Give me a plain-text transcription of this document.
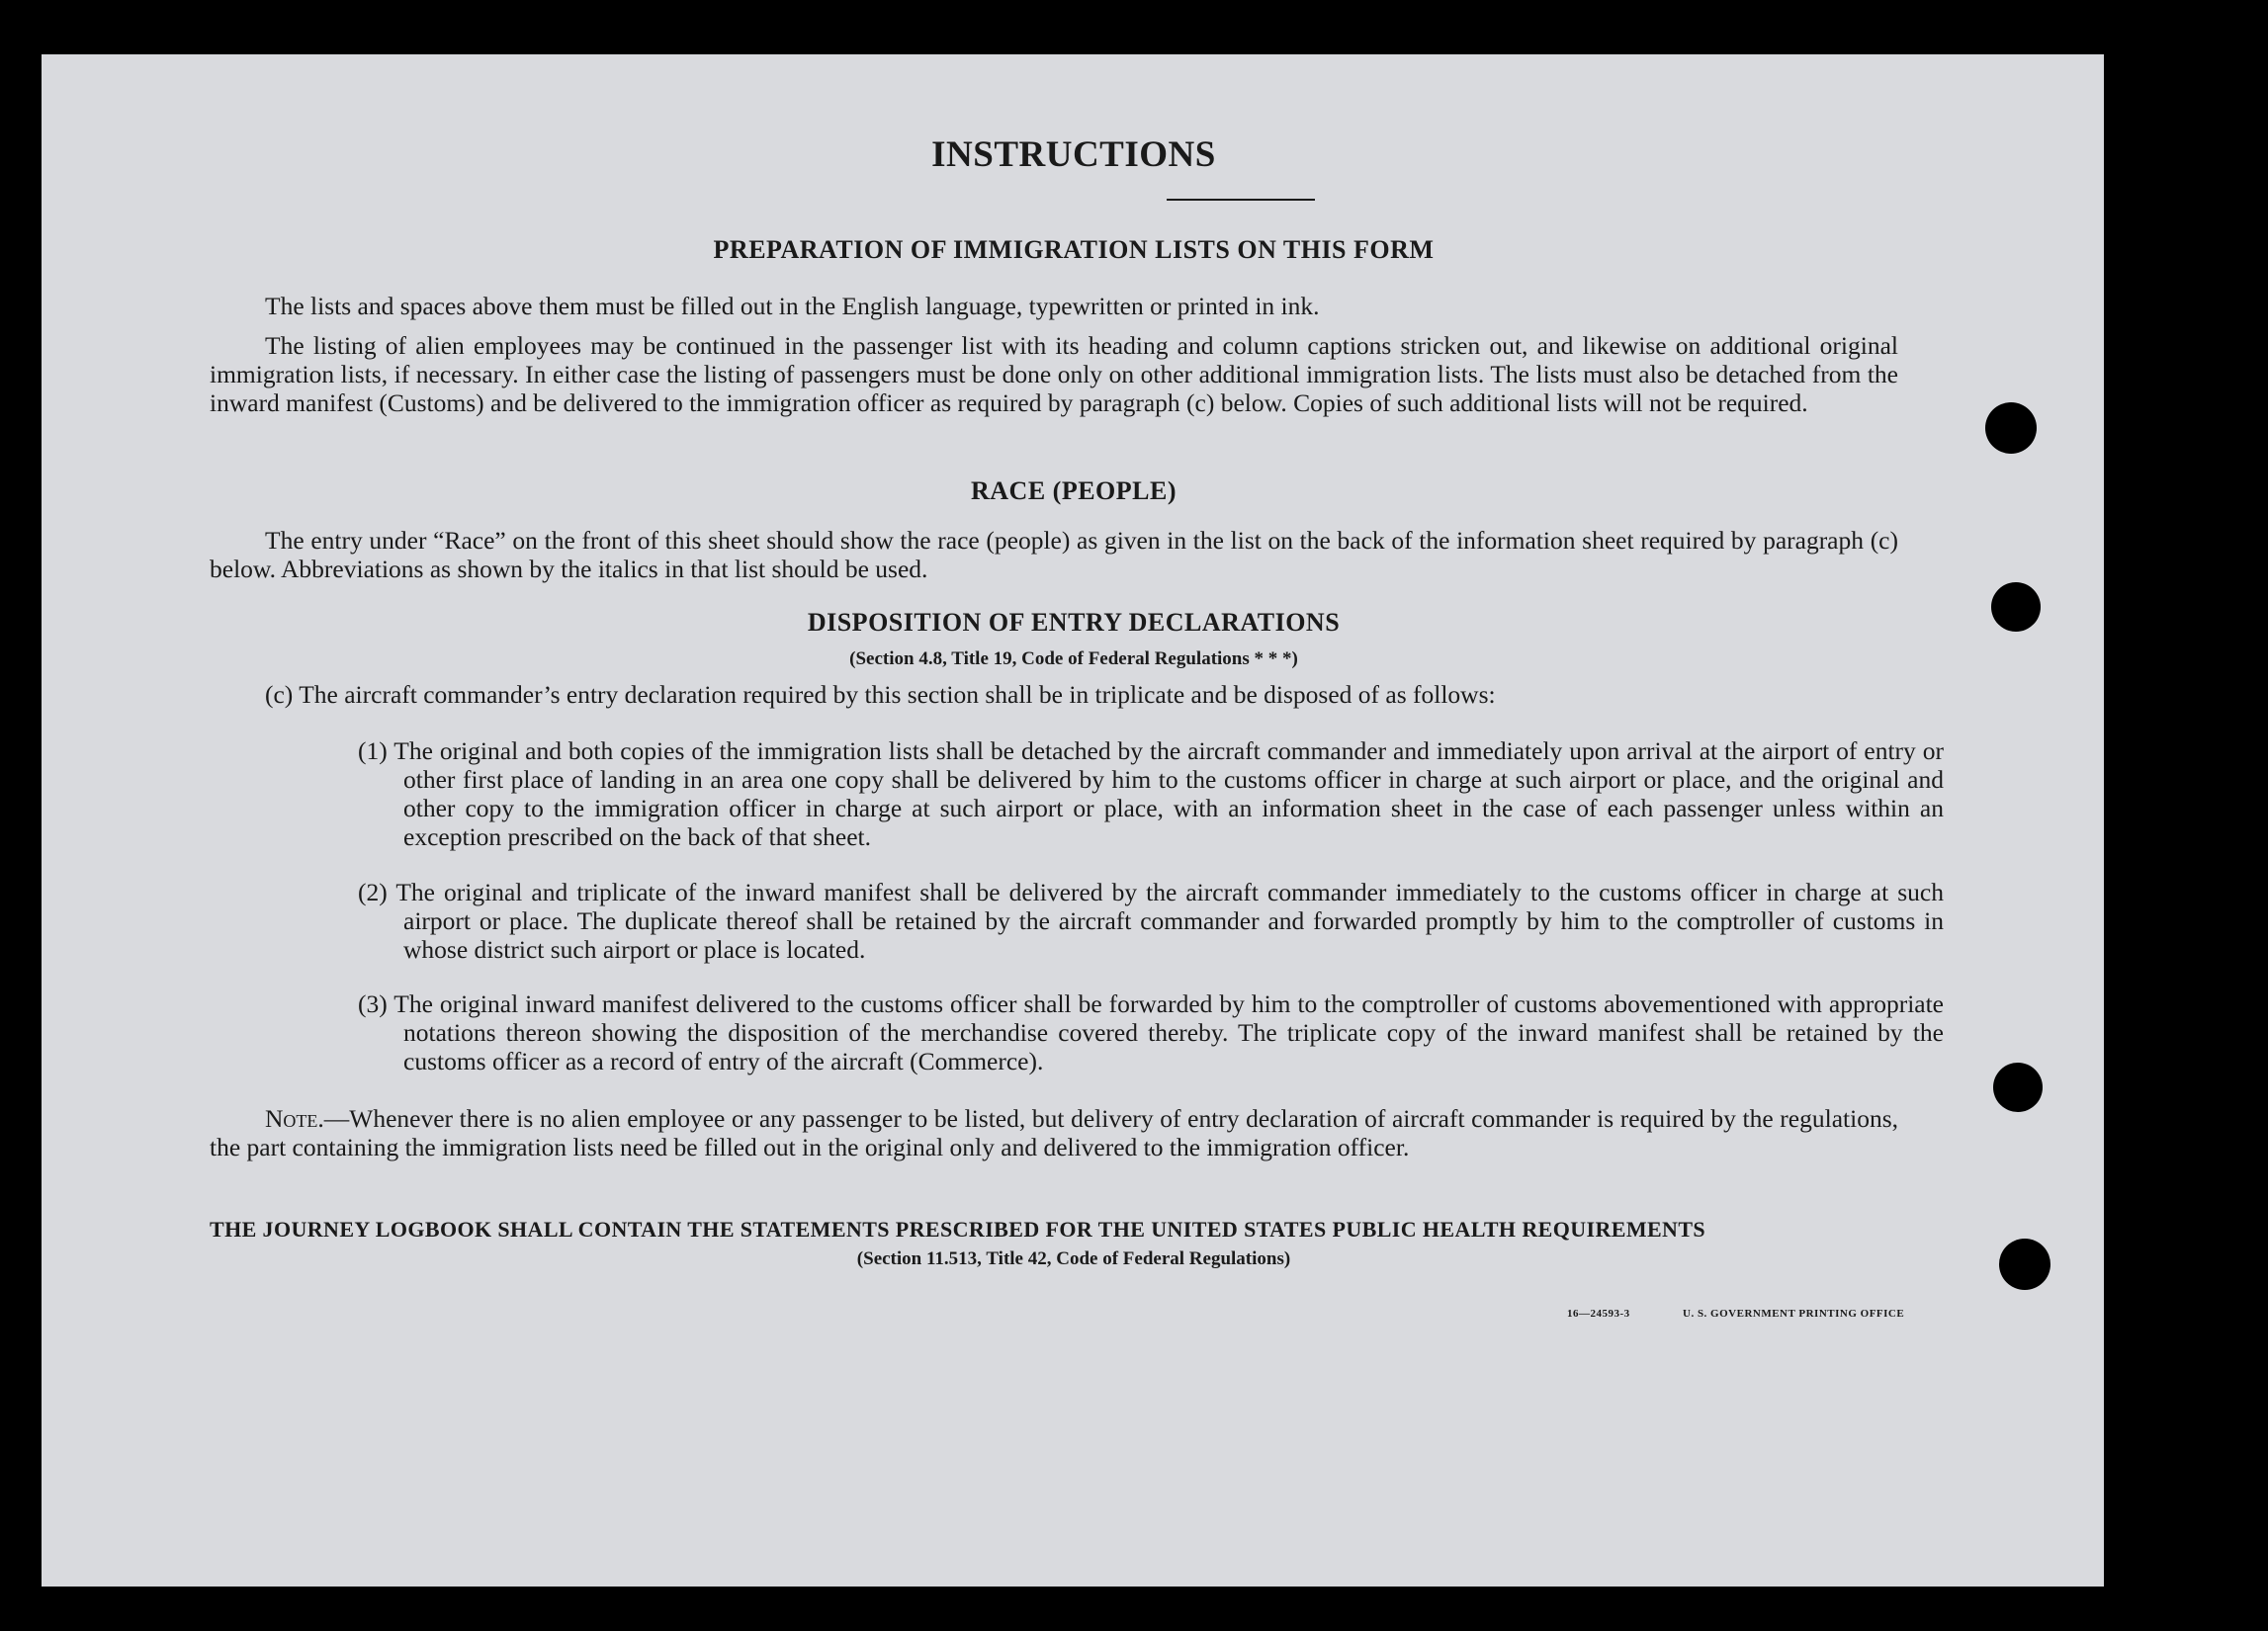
INSTRUCTIONS
PREPARATION OF IMMIGRATION LISTS ON THIS FORM
The lists and spaces above them must be filled out in the English language, typewritten or printed in ink.
The listing of alien employees may be continued in the passenger list with its heading and column captions stricken out, and likewise on additional original immigration lists, if necessary. In either case the listing of passengers must be done only on other additional immigration lists. The lists must also be detached from the inward manifest (Customs) and be delivered to the immigration officer as required by paragraph (c) below. Copies of such additional lists will not be required.
RACE (PEOPLE)
The entry under “Race” on the front of this sheet should show the race (people) as given in the list on the back of the information sheet required by paragraph (c) below. Abbreviations as shown by the italics in that list should be used.
DISPOSITION OF ENTRY DECLARATIONS
(Section 4.8, Title 19, Code of Federal Regulations * * *)
(c) The aircraft commander’s entry declaration required by this section shall be in triplicate and be disposed of as follows:
(1) The original and both copies of the immigration lists shall be detached by the aircraft commander and immediately upon arrival at the airport of entry or other first place of landing in an area one copy shall be delivered by him to the customs officer in charge at such airport or place, and the original and other copy to the immigration officer in charge at such airport or place, with an information sheet in the case of each passenger unless within an exception prescribed on the back of that sheet.
(2) The original and triplicate of the inward manifest shall be delivered by the aircraft commander immediately to the customs officer in charge at such airport or place. The duplicate thereof shall be retained by the aircraft commander and forwarded promptly by him to the comptroller of customs in whose district such airport or place is located.
(3) The original inward manifest delivered to the customs officer shall be forwarded by him to the comptroller of customs abovementioned with appropriate notations thereon showing the disposition of the merchandise covered thereby. The triplicate copy of the inward manifest shall be retained by the customs officer as a record of entry of the aircraft (Commerce).
Note.—Whenever there is no alien employee or any passenger to be listed, but delivery of entry declaration of aircraft commander is required by the regulations, the part containing the immigration lists need be filled out in the original only and delivered to the immigration officer.
THE JOURNEY LOGBOOK SHALL CONTAIN THE STATEMENTS PRESCRIBED FOR THE UNITED STATES PUBLIC HEALTH REQUIREMENTS
(Section 11.513, Title 42, Code of Federal Regulations)
16—24593-3	U. S. GOVERNMENT PRINTING OFFICE
